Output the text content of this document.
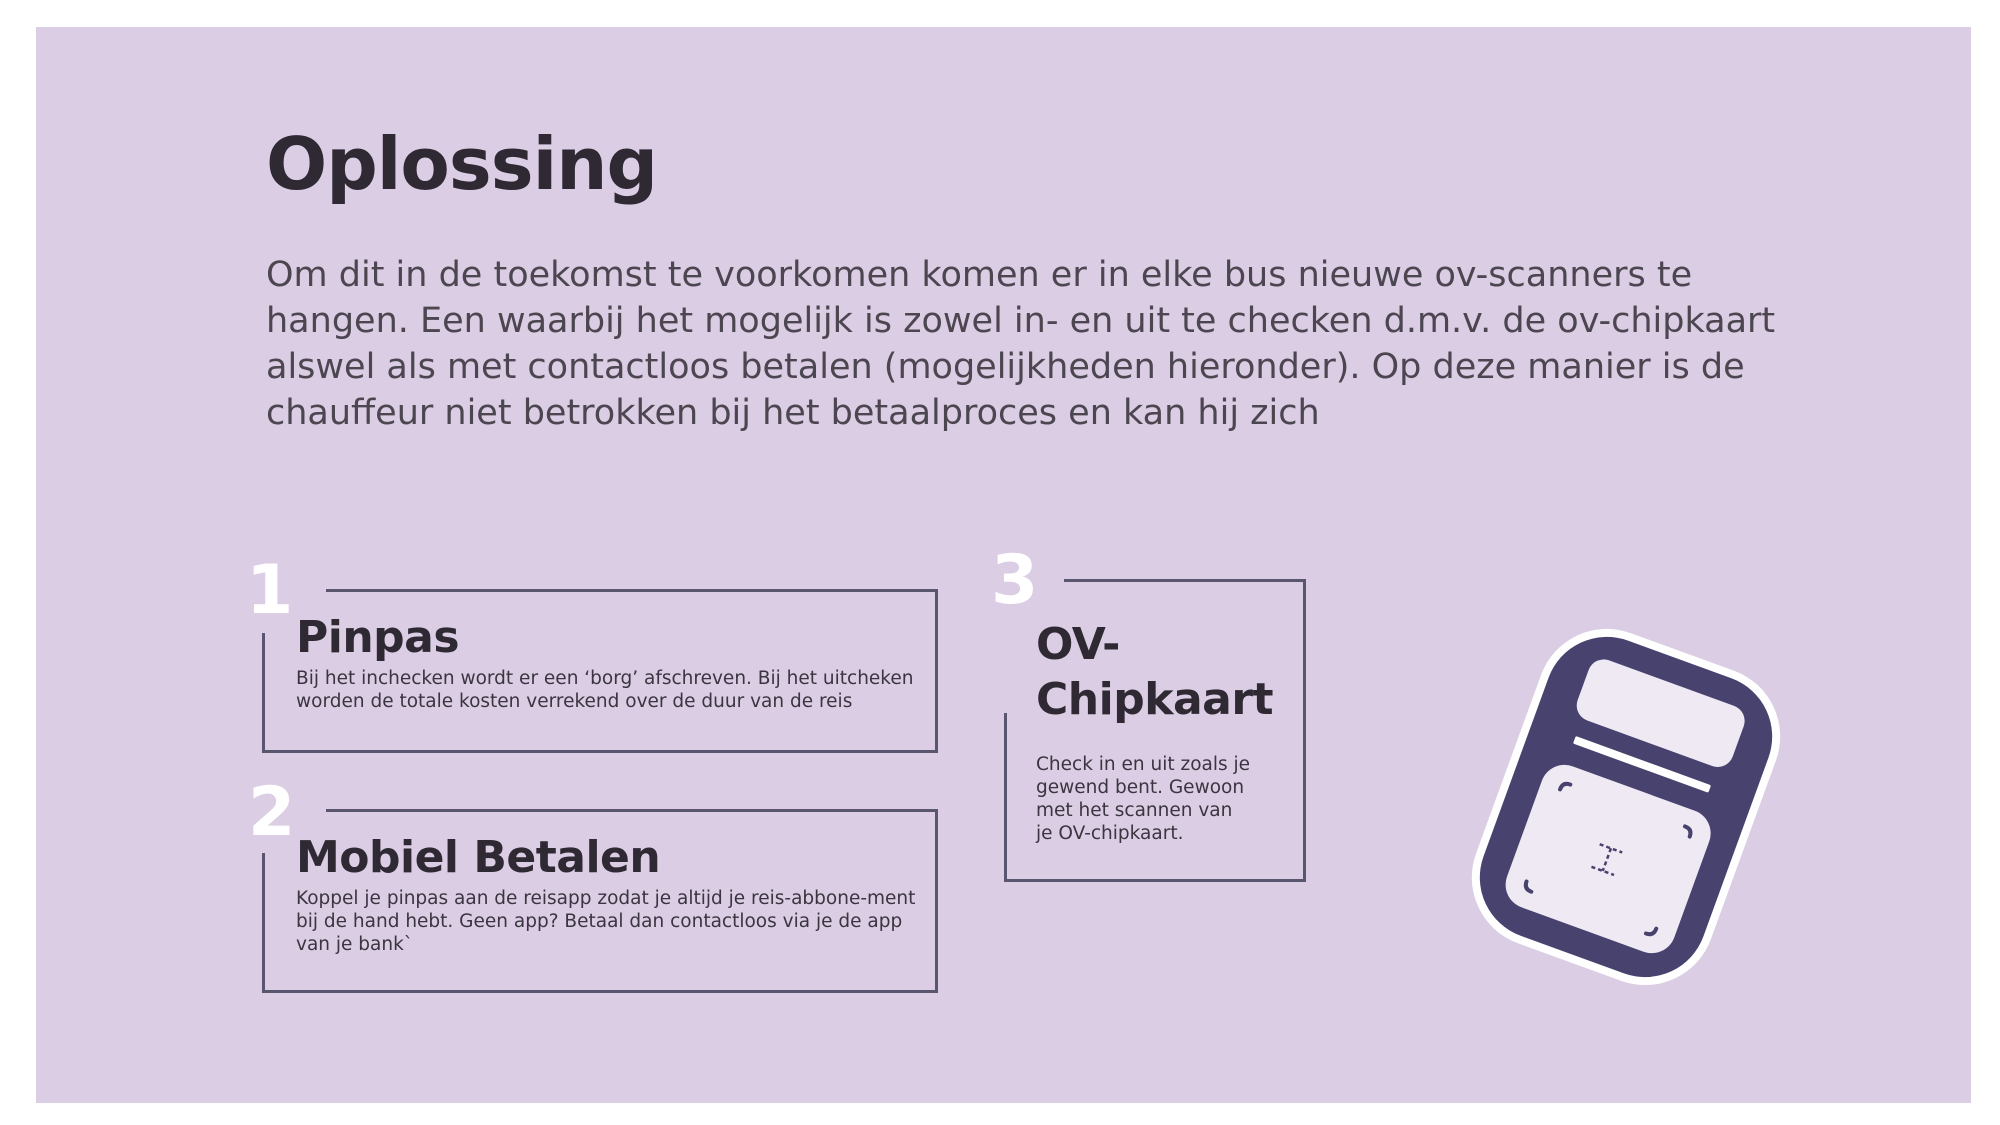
Oplossing

Om dit in de toekomst te voorkomen komen er in elke bus nieuwe ov-scanners te hangen. Een waarbij het mogelijk is zowel in- en uit te checken d.m.v. de ov-chipkaart alswel als met contactloos betalen (mogelijkheden hieronder). Op deze manier is de chauffeur niet betrokken bij het betaalproces en kan hij zich

1
Pinpas

Bij het inchecken wordt er een ‘borg’ afschreven. Bij het uitcheken worden de totale kosten verrekend over de duur van de reis

2
Mobiel Betalen

Koppel je pinpas aan de reisapp zodat je altijd je reis-abbone-ment bij de hand hebt. Geen app? Betaal dan contactloos via je de app van je bank`

3
OV-Chipkaart

Check in en uit zoals je gewend bent. Gewoon met het scannen van je OV-chipkaart.
